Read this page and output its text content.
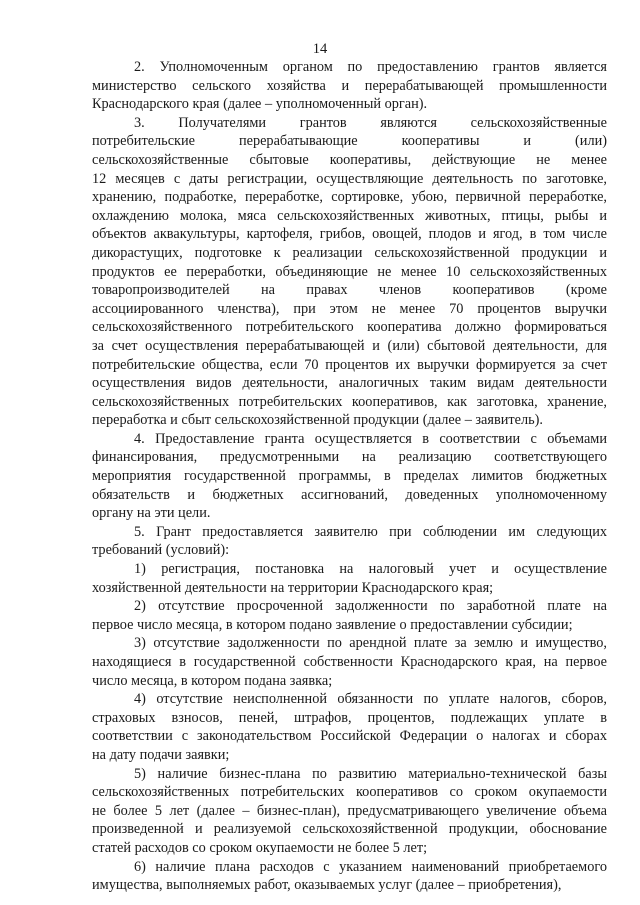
14

2. Уполномоченным органом по предоставлению грантов является

министерство сельского хозяйства и перерабатывающей промышленности

Краснодарского края (далее – уполномоченный орган).

3. Получателями грантов являются сельскохозяйственные

потребительские перерабатывающие кооперативы и (или)

сельскохозяйственные сбытовые кооперативы, действующие не менее

12 месяцев с даты регистрации, осуществляющие деятельность по заготовке,

хранению, подработке, переработке, сортировке, убою, первичной переработке,

охлаждению молока, мяса сельскохозяйственных животных, птицы, рыбы и

объектов аквакультуры, картофеля, грибов, овощей, плодов и ягод, в том числе

дикорастущих, подготовке к реализации сельскохозяйственной продукции и

продуктов ее переработки, объединяющие не менее 10 сельскохозяйственных

товаропроизводителей на правах членов кооперативов (кроме

ассоциированного членства), при этом не менее 70 процентов выручки

сельскохозяйственного потребительского кооператива должно формироваться

за счет осуществления перерабатывающей и (или) сбытовой деятельности, для

потребительские общества, если 70 процентов их выручки формируется за счет

осуществления видов деятельности, аналогичных таким видам деятельности

сельскохозяйственных потребительских кооперативов, как заготовка, хранение,

переработка и сбыт сельскохозяйственной продукции (далее – заявитель).

4. Предоставление гранта осуществляется в соответствии с объемами

финансирования, предусмотренными на реализацию соответствующего

мероприятия государственной программы, в пределах лимитов бюджетных

обязательств и бюджетных ассигнований, доведенных уполномоченному

органу на эти цели.

5. Грант предоставляется заявителю при соблюдении им следующих

требований (условий):

1) регистрация, постановка на налоговый учет и осуществление

хозяйственной деятельности на территории Краснодарского края;

2) отсутствие просроченной задолженности по заработной плате на

первое число месяца, в котором подано заявление о предоставлении субсидии;

3) отсутствие задолженности по арендной плате за землю и имущество,

находящиеся в государственной собственности Краснодарского края, на первое

число месяца, в котором подана заявка;

4) отсутствие неисполненной обязанности по уплате налогов, сборов,

страховых взносов, пеней, штрафов, процентов, подлежащих уплате в

соответствии с законодательством Российской Федерации о налогах и сборах

на дату подачи заявки;

5) наличие бизнес-плана по развитию материально-технической базы

сельскохозяйственных потребительских кооперативов со сроком окупаемости

не более 5 лет (далее – бизнес-план), предусматривающего увеличение объема

произведенной и реализуемой сельскохозяйственной продукции, обоснование

статей расходов со сроком окупаемости не более 5 лет;

6) наличие плана расходов с указанием наименований приобретаемого

имущества, выполняемых работ, оказываемых услуг (далее – приобретения),
